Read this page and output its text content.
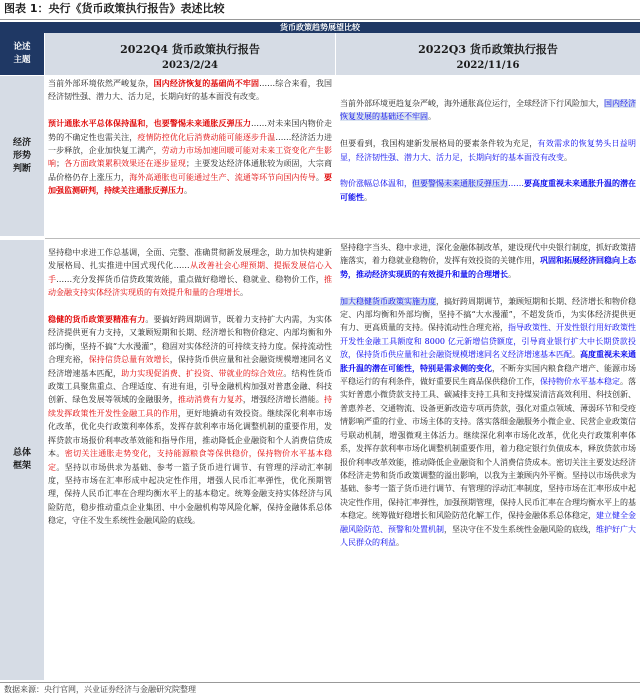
图表 1：央行《货币政策执行报告》表述比较
货币政策趋势展望比较
论述
主题
2022Q4 货币政策执行报告
2023/2/24
2022Q3 货币政策执行报告
2022/11/16
经济
形势
判断
当前外部环境依然严峻复杂，国内经济恢复的基础尚不牢固……综合来看，我国经济韧性强、潜力大、活力足，长期向好的基本面没有改变。

预计通胀水平总体保持温和，也要警惕未来通胀反弹压力……对未来国内物价走势的不确定性也需关注，疫情防控优化后消费动能可能逐步升温……经济活力进一步释放，企业加快复工满产，劳动力市场加速回暖可能对未来工资变化产生影响；各方面政策累积效果还在逐步显现；主要发达经济体通胀较为顽固，大宗商品价格仍存上涨压力，海外高通胀也可能通过生产、流通等环节向国内传导。要加强监测研判，持续关注通胀反弹压力。
当前外部环境更趋复杂严峻，海外通胀高位运行，全球经济下行风险加大，国内经济恢复发展的基础还不牢固。

但要看到，我国构建新发展格局的要素条件较为充足，有效需求的恢复势头日益明显，经济韧性强、潜力大、活力足，长期向好的基本面没有改变。

物价涨幅总体温和，但要警惕未来通胀反弹压力……要高度重视未来通胀升温的潜在可能性。
总体
框架
坚持稳中求进工作总基调，全面、完整、准确贯彻新发展理念，助力加快构建新发展格局、扎实推进中国式现代化……从改善社会心理预期、提振发展信心入手……充分发挥货币信贷政策效能，重点做好稳增长、稳就业、稳物价工作，推动金融支持实体经济实现质的有效提升和量的合理增长。

稳健的货币政策要精准有力。要搞好跨周期调节，既着力支持扩大内需，为实体经济提供更有力支持，又兼顾短期和长期、经济增长和物价稳定、内部均衡和外部均衡，坚持不搞“大水漫灌”，稳固对实体经济的可持续支持力度。保持流动性合理充裕，保持信贷总量有效增长，保持货币供应量和社会融资规模增速同名义经济增速基本匹配，助力实现促消费、扩投资、带就业的综合效应。结构性货币政策工具聚焦重点、合理适度、有进有退，引导金融机构加强对普惠金融、科技创新、绿色发展等领域的金融服务，推动消费有力复苏，增强经济增长潜能。持续发挥政策性开发性金融工具的作用，更好地撬动有效投资。继续深化利率市场化改革，优化央行政策利率体系，发挥存款利率市场化调整机制的重要作用，发挥贷款市场报价利率改革效能和指导作用，推动降低企业融资和个人消费信贷成本。密切关注通胀走势变化，支持能源粮食等保供稳价，保持物价水平基本稳定。坚持以市场供求为基础、参考一篮子货币进行调节、有管理的浮动汇率制度，坚持市场在汇率形成中起决定性作用，增强人民币汇率弹性，优化预期管理，保持人民币汇率在合理均衡水平上的基本稳定。统筹金融支持实体经济与风险防范，稳步推动重点企业集团、中小金融机构等风险化解，保持金融体系总体稳定，守住不发生系统性金融风险的底线。
坚持稳字当头、稳中求进，深化金融体制改革，建设现代中央银行制度，抓好政策措施落实，着力稳就业稳物价，发挥有效投资的关键作用，巩固和拓展经济回稳向上态势，推动经济实现质的有效提升和量的合理增长。

加大稳健货币政策实施力度，搞好跨周期调节，兼顾短期和长期、经济增长和物价稳定、内部均衡和外部均衡，坚持不搞“大水漫灌”，不超发货币，为实体经济提供更有力、更高质量的支持。保持流动性合理充裕，指导政策性、开发性银行用好政策性开发性金融工具额度和 8000 亿元新增信贷额度，引导商业银行扩大中长期贷款投放，保持货币供应量和社会融资规模增速同名义经济增速基本匹配。高度重视未来通胀升温的潜在可能性，特别是需求侧的变化，不断夯实国内粮食稳产增产、能源市场平稳运行的有利条件，做好重要民生商品保供稳价工作，保持物价水平基本稳定。落实好普惠小微贷款支持工具、碳减排支持工具和支持煤炭清洁高效利用、科技创新、普惠养老、交通物流、设备更新改造专项再贷款，强化对重点领域、薄弱环节和受疫情影响严重的行业、市场主体的支持。落实落细金融服务小微企业、民营企业政策信号联动机制，增强微观主体活力。继续深化利率市场化改革，优化央行政策利率体系，发挥存款利率市场化调整机制重要作用，着力稳定银行负债成本，释放贷款市场报价利率改革效能，推动降低企业融资和个人消费信贷成本。密切关注主要发达经济体经济走势和货币政策调整的溢出影响，以我为主兼顾内外平衡。坚持以市场供求为基础、参考一篮子货币进行调节、有管理的浮动汇率制度，坚持市场在汇率形成中起决定性作用，保持汇率弹性，加强预期管理，保持人民币汇率在合理均衡水平上的基本稳定。统筹做好稳增长和风险防范化解工作，保持金融体系总体稳定，建立健全金融风险防范、预警和处置机制，坚决守住不发生系统性金融风险的底线，维护好广大人民群众的利益。
数据来源：央行官网，兴业证券经济与金融研究院整理
